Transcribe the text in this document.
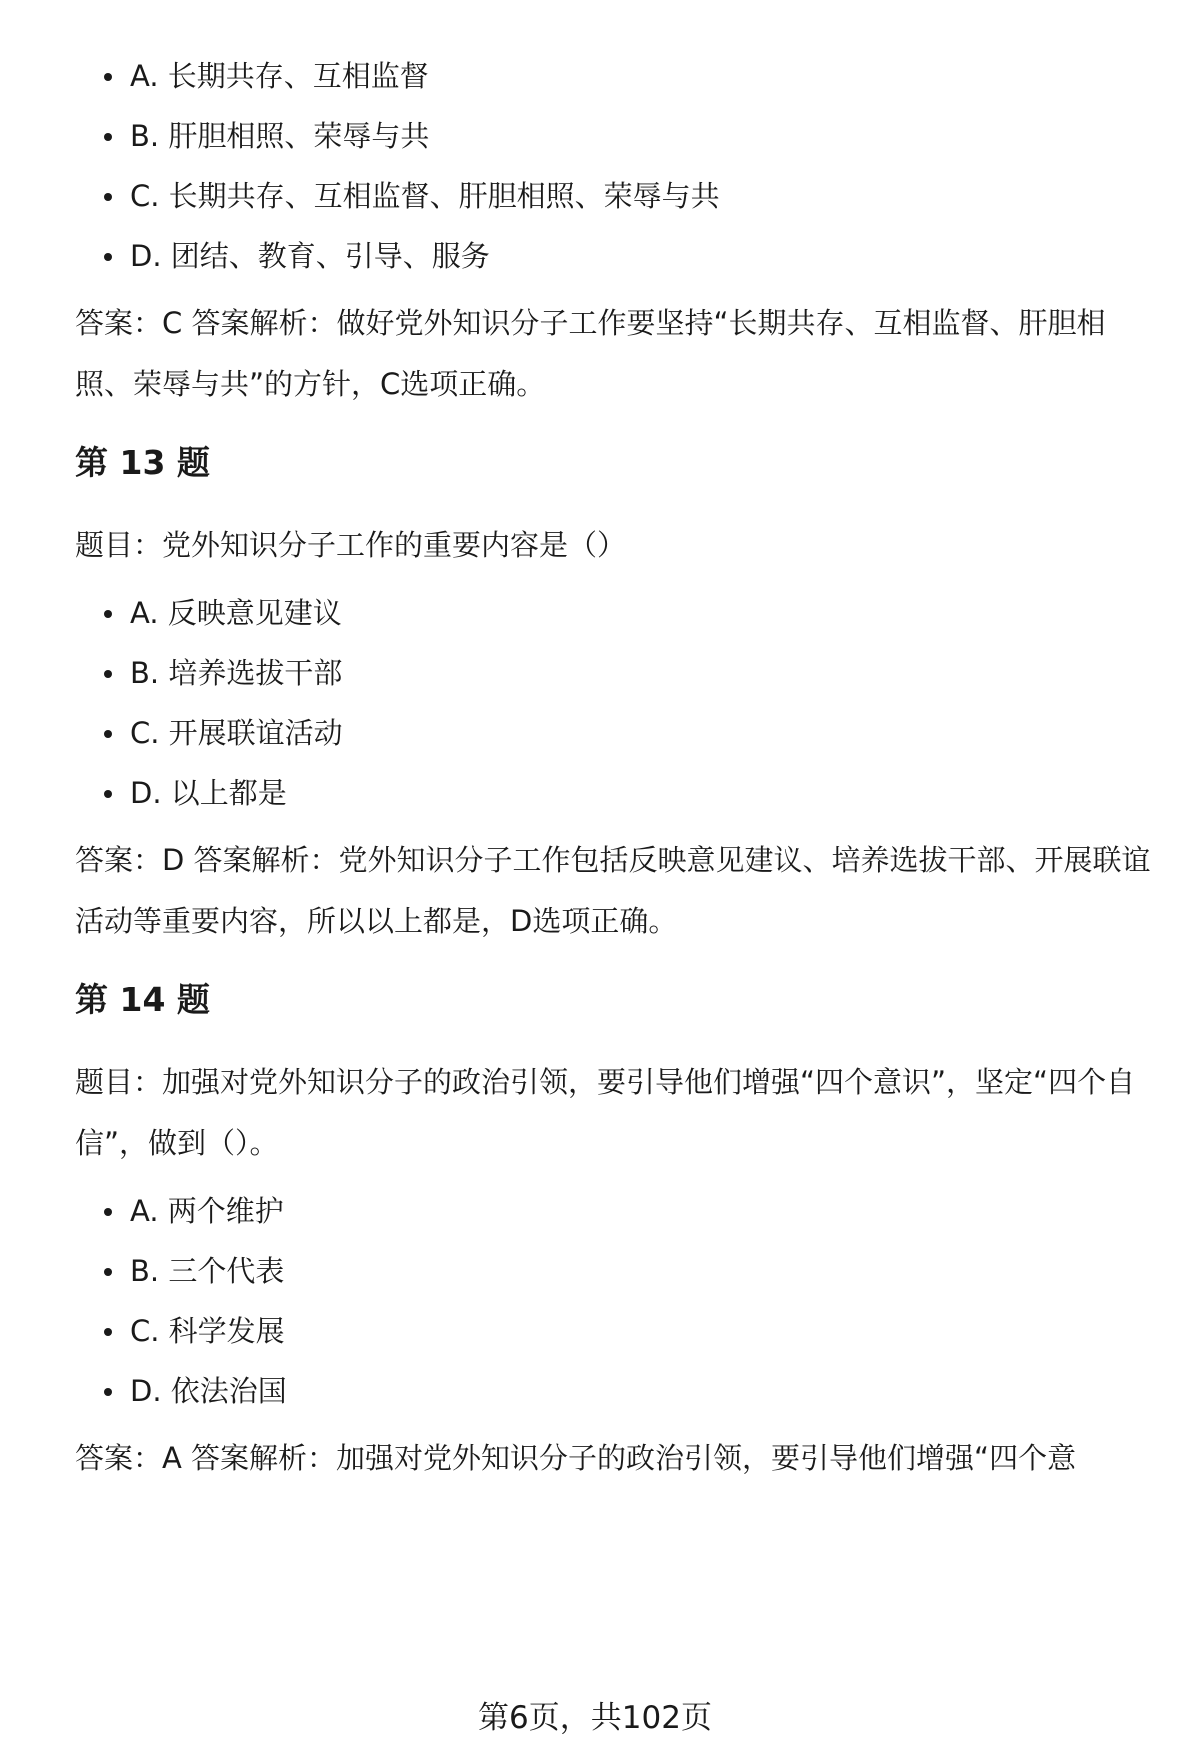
A. 长期共存、互相监督
B. 肝胆相照、荣辱与共
C. 长期共存、互相监督、肝胆相照、荣辱与共
D. 团结、教育、引导、服务

答案：C 答案解析：做好党外知识分子工作要坚持“长期共存、互相监督、肝胆相照、荣辱与共”的方针，C选项正确。

第 13 题

题目：党外知识分子工作的重要内容是（）

A. 反映意见建议
B. 培养选拔干部
C. 开展联谊活动
D. 以上都是

答案：D 答案解析：党外知识分子工作包括反映意见建议、培养选拔干部、开展联谊活动等重要内容，所以以上都是，D选项正确。

第 14 题

题目：加强对党外知识分子的政治引领，要引导他们增强“四个意识”，坚定“四个自信”，做到（）。

A. 两个维护
B. 三个代表
C. 科学发展
D. 依法治国

答案：A 答案解析：加强对党外知识分子的政治引领，要引导他们增强“四个意

第6页，共102页
